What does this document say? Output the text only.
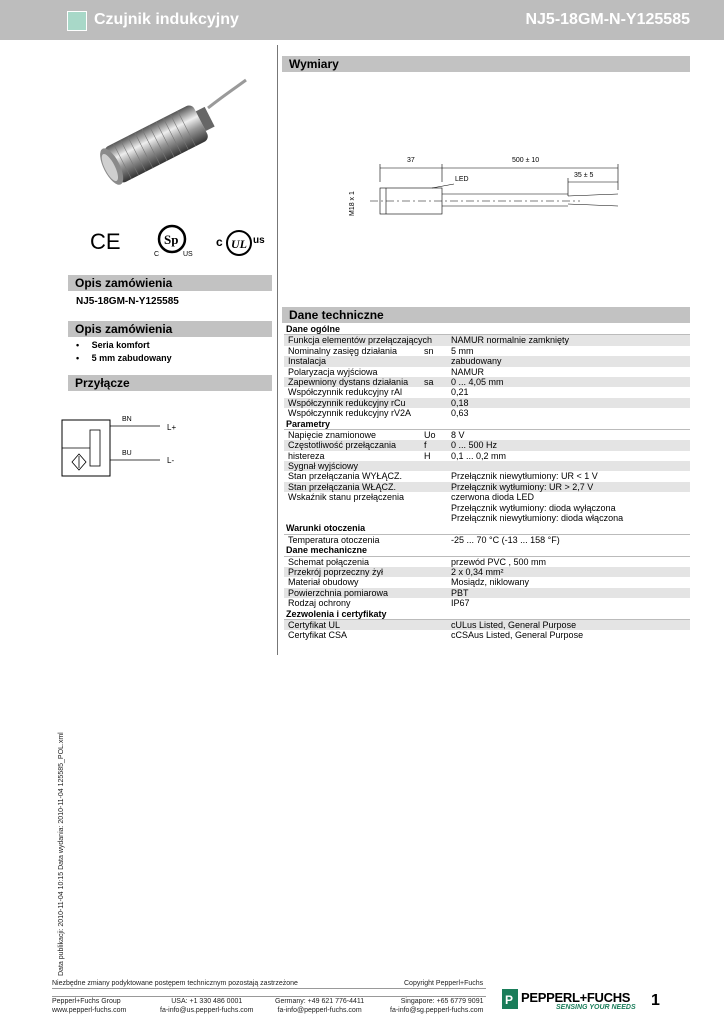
Czujnik indukcyjny	NJ5-18GM-N-Y125585
CE	Sp
C	US
c UL us
Opis zamówienia
NJ5-18GM-N-Y125585
Opis zamówienia
•     Seria komfort
•     5 mm zabudowany
Przyłącze
BN
BU
L+
L-
Wymiary
37	500 ± 10
35 ± 5
LED
M18 x 1
Dane techniczne
Dane ogólne
Funkcja elementów przełączających NAMUR normalnie zamknięty
Nominalny zasięg działania	sn 5 mm
Instalacja	zabudowany
Polaryzacja wyjściowa	NAMUR
Zapewniony dystans działania sa 0 ... 4,05 mm
Współczynnik redukcyjny rAl	0,21
Współczynnik redukcyjny rCu	0,18
Współczynnik redukcyjny rV2A	0,63
Parametry
Napięcie znamionowe	Uo 8 V
Częstotliwość przełączania	f	0 ... 500 Hz
histereza	H 0,1 ... 0,2 mm
Sygnał wyjściowy
Stan przełączania WYŁĄCZ.	Przełącznik niewytłumiony: UR < 1 V
Stan przełączania WŁĄCZ.	Przełącznik wytłumiony: UR > 2,7 V
Wskaźnik stanu przełączenia	czerwona dioda LED
Przełącznik wytłumiony: dioda wyłączona
Przełącznik niewytłumiony: dioda włączona
Warunki otoczenia
Temperatura otoczenia	-25 ... 70 °C (-13 ... 158 °F)
Dane mechaniczne
Schemat połączenia	przewód PVC , 500 mm
Przekrój poprzeczny żył	2 x 0,34 mm²
Materiał obudowy	Mosiądz, niklowany
Powierzchnia pomiarowa	PBT
Rodzaj ochrony	IP67
Zezwolenia i certyfikaty
Certyfikat UL	cULus Listed, General Purpose
Certyfikat CSA	cCSAus Listed, General Purpose
Data publikacji: 2010-11-04 10:15 Data wydania: 2010-11-04 125585_POL.xml
Niezbędne zmiany podyktowane postępem technicznym pozostają zastrzeżone	Copyright Pepperl+Fuchs
Pepperl+Fuchs Group
www.pepperl-fuchs.com
USA: +1 330 486 0001
fa-info@us.pepperl-fuchs.com
Germany: +49 621 776-4411
fa-info@pepperl-fuchs.com
Singapore: +65 6779 9091
fa-info@sg.pepperl-fuchs.com
P PEPPERL+FUCHS
SENSING YOUR NEEDS 1
